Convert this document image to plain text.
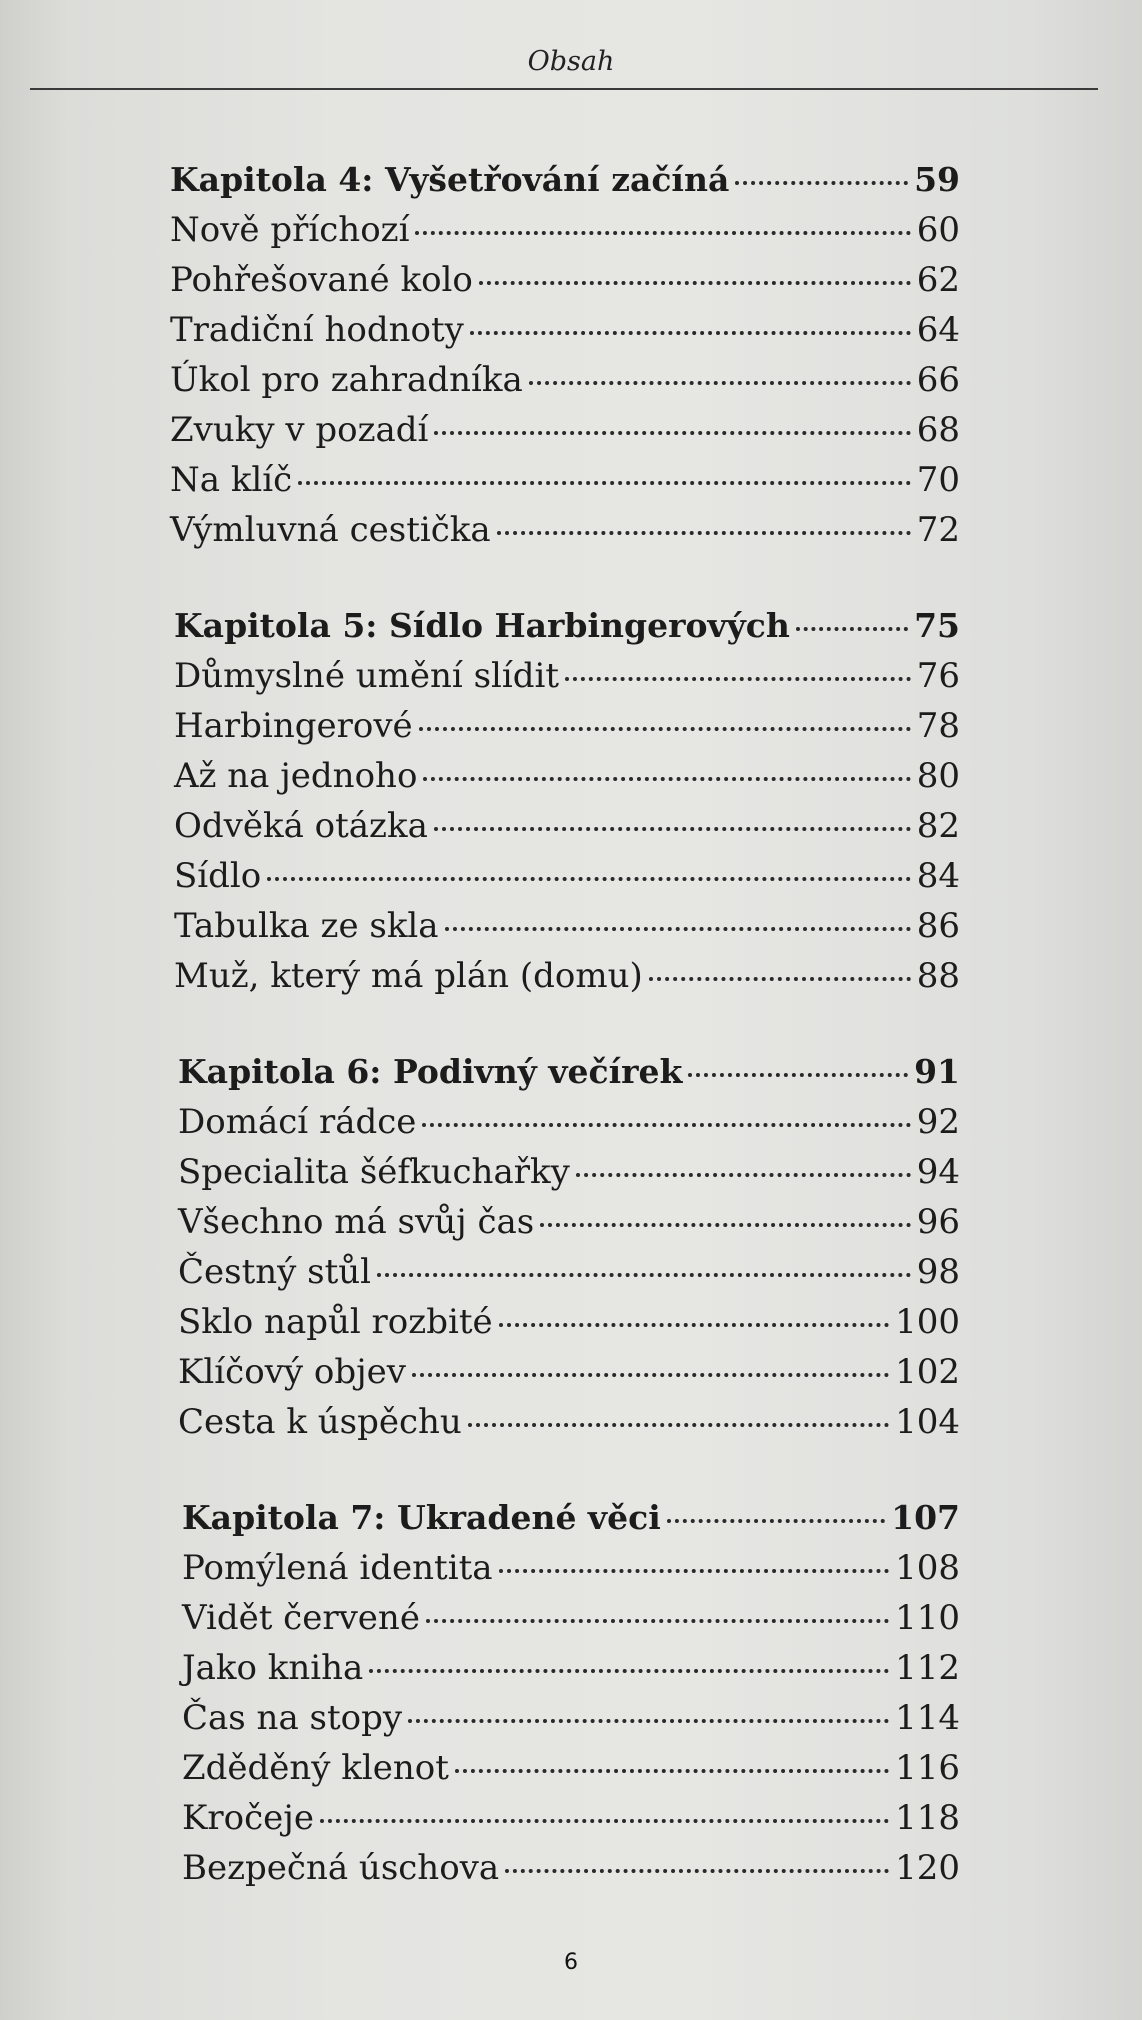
Obsah
Kapitola 4: Vyšetřování začíná	59
Nově příchozí	60
Pohřešované kolo	62
Tradiční hodnoty	64
Úkol pro zahradníka	66
Zvuky v pozadí	68
Na klíč	70
Výmluvná cestička	72
Kapitola 5: Sídlo Harbingerových	75
Důmyslné umění slídit	76
Harbingerové	78
Až na jednoho	80
Odvěká otázka	82
Sídlo	84
Tabulka ze skla	86
Muž, který má plán (domu)	88
Kapitola 6: Podivný večírek	91
Domácí rádce	92
Specialita šéfkuchařky	94
Všechno má svůj čas	96
Čestný stůl	98
Sklo napůl rozbité	100
Klíčový objev	102
Cesta k úspěchu	104
Kapitola 7: Ukradené věci	107
Pomýlená identita	108
Vidět červené	110
Jako kniha	112
Čas na stopy	114
Zděděný klenot	116
Kročeje	118
Bezpečná úschova	120
6
